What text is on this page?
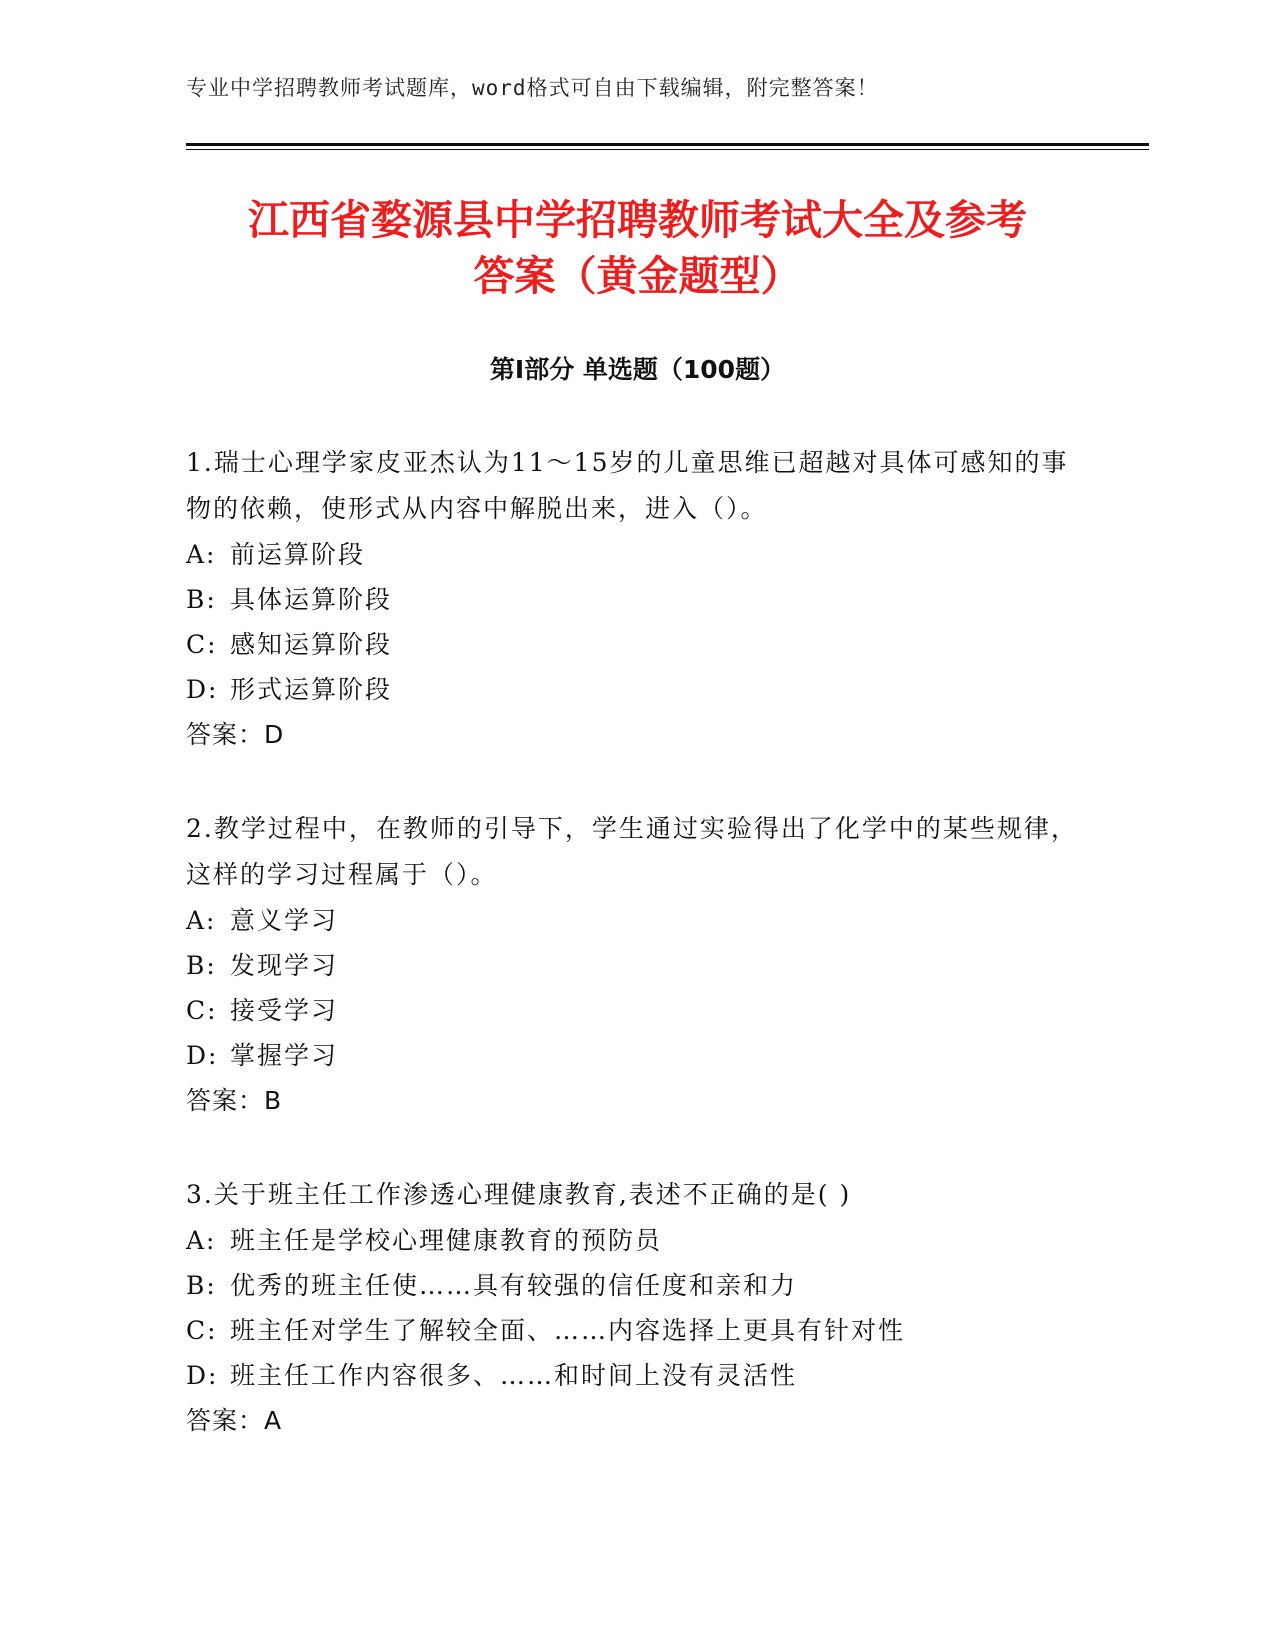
专业中学招聘教师考试题库，word格式可自由下载编辑，附完整答案！
江西省婺源县中学招聘教师考试大全及参考
答案（黄金题型）
第I部分 单选题（100题）
1.瑞士心理学家皮亚杰认为11～15岁的儿童思维已超越对具体可感知的事物的依赖，使形式从内容中解脱出来，进入（）。
A: 前运算阶段
B: 具体运算阶段
C: 感知运算阶段
D: 形式运算阶段
答案：D
2.教学过程中，在教师的引导下，学生通过实验得出了化学中的某些规律，这样的学习过程属于（）。
A: 意义学习
B: 发现学习
C: 接受学习
D: 掌握学习
答案：B
3.关于班主任工作渗透心理健康教育,表述不正确的是( )
A: 班主任是学校心理健康教育的预防员
B: 优秀的班主任使……具有较强的信任度和亲和力
C: 班主任对学生了解较全面、……内容选择上更具有针对性
D: 班主任工作内容很多、……和时间上没有灵活性
答案：A
